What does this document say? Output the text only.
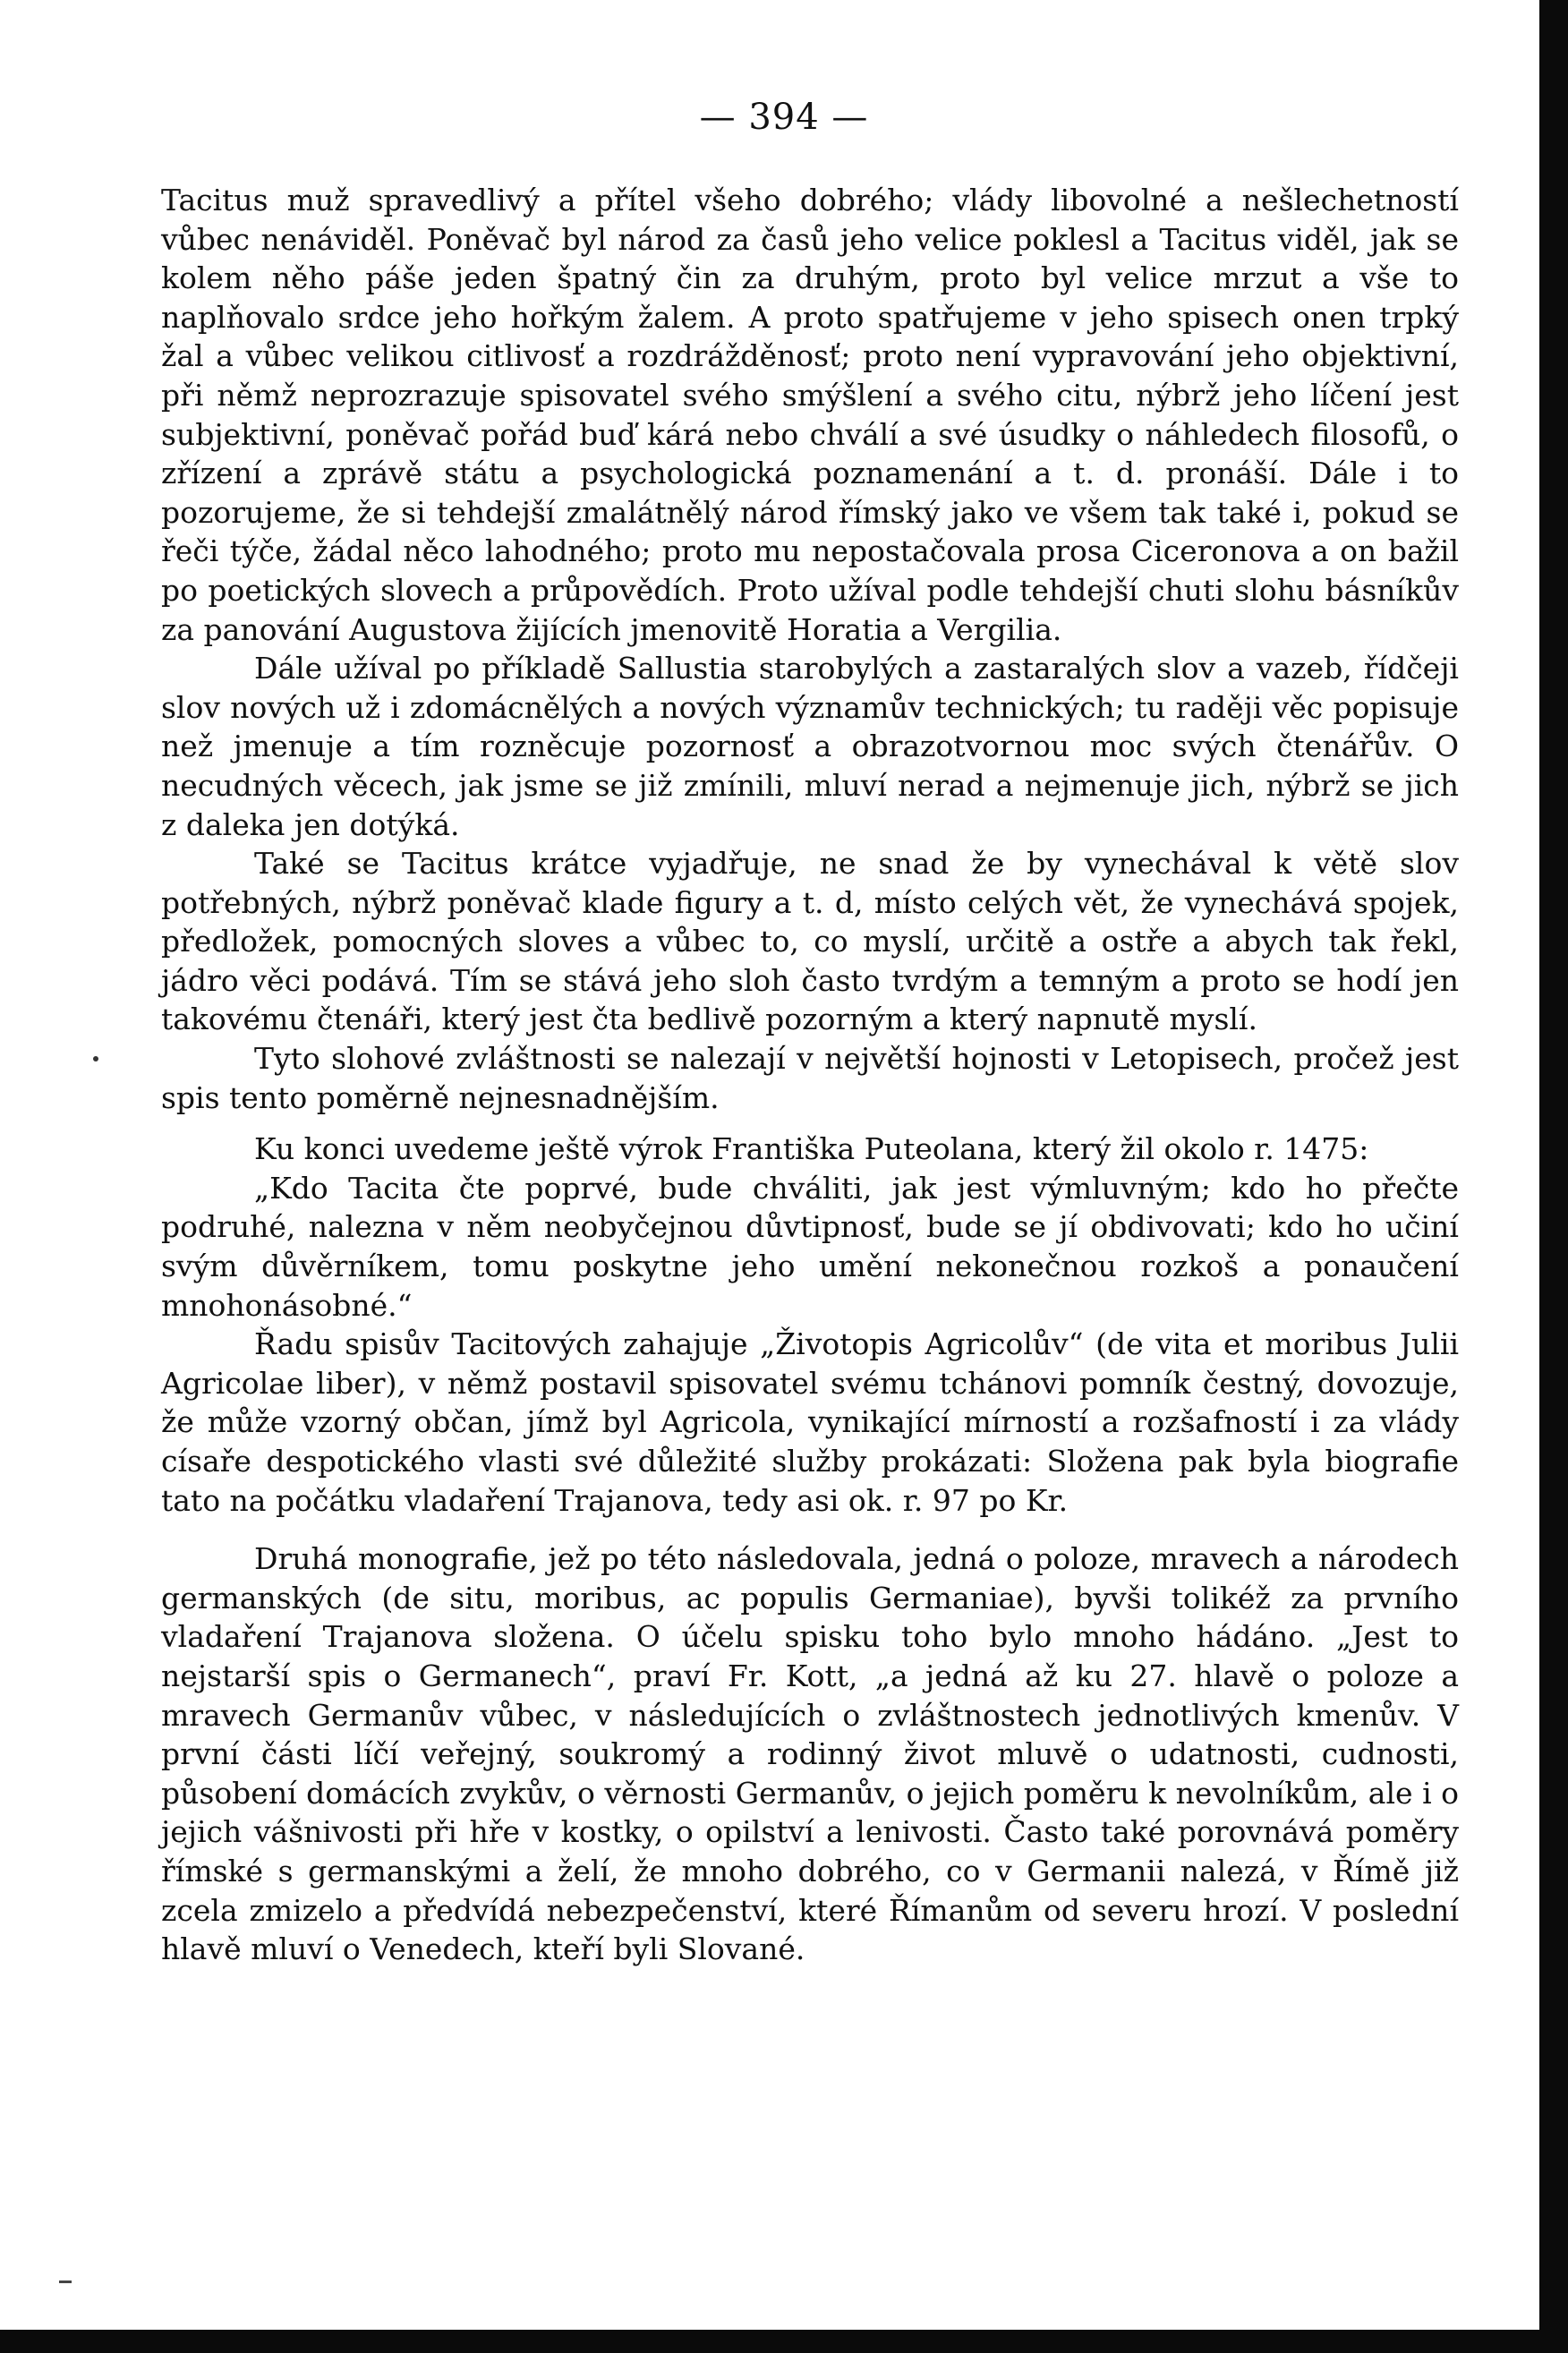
— 394 —

Tacitus muž spravedlivý a přítel všeho dobrého; vlády libovolné a nešlechetností vůbec nenáviděl. Poněvač byl národ za časů jeho velice poklesl a Tacitus viděl, jak se kolem něho páše jeden špatný čin za druhým, proto byl velice mrzut a vše to naplňovalo srdce jeho hořkým žalem. A proto spatřujeme v jeho spisech onen trpký žal a vůbec velikou citlivosť a rozdrážděnosť; proto není vypravování jeho objektivní, při němž neprozrazuje spisovatel svého smýšlení a svého citu, nýbrž jeho líčení jest subjektivní, poněvač pořád buď kárá nebo chválí a své úsudky o náhledech filosofů, o zřízení a zprávě státu a psychologická poznamenání a t. d. pronáší. Dále i to pozorujeme, že si tehdejší zmalátnělý národ římský jako ve všem tak také i, pokud se řeči týče, žádal něco lahodného; proto mu nepostačovala prosa Ciceronova a on bažil po poetických slovech a průpovědích. Proto užíval podle tehdejší chuti slohu básníkův za panování Augustova žijících jmenovitě Horatia a Vergilia.

Dále užíval po příkladě Sallustia starobylých a zastaralých slov a vazeb, řídčeji slov nových už i zdomácnělých a nových významův technických; tu raději věc popisuje než jmenuje a tím rozněcuje pozornosť a obrazotvornou moc svých čtenářův. O necudných věcech, jak jsme se již zmínili, mluví nerad a nejmenuje jich, nýbrž se jich z daleka jen dotýká.

Také se Tacitus krátce vyjadřuje, ne snad že by vynechával k větě slov potřebných, nýbrž poněvač klade figury a t. d, místo celých vět, že vynechává spojek, předložek, pomocných sloves a vůbec to, co myslí, určitě a ostře a abych tak řekl, jádro věci podává. Tím se stává jeho sloh často tvrdým a temným a proto se hodí jen takovému čtenáři, který jest čta bedlivě pozorným a který napnutě myslí.

Tyto slohové zvláštnosti se nalezají v největší hojnosti v Letopisech, pročež jest spis tento poměrně nejnesnadnějším.

Ku konci uvedeme ještě výrok Františka Puteolana, který žil okolo r. 1475:

„Kdo Tacita čte poprvé, bude chváliti, jak jest výmluvným; kdo ho přečte podruhé, nalezna v něm neobyčejnou důvtipnosť, bude se jí obdivovati; kdo ho učiní svým důvěrníkem, tomu poskytne jeho umění nekonečnou rozkoš a ponaučení mnohonásobné.“

Řadu spisův Tacitových zahajuje „Životopis Agricolův“ (de vita et moribus Julii Agricolae liber), v němž postavil spisovatel svému tchánovi pomník čestný, dovozuje, že může vzorný občan, jímž byl Agricola, vynikající mírností a rozšafností i za vlády císaře despotického vlasti své důležité služby prokázati: Složena pak byla biografie tato na počátku vladaření Trajanova, tedy asi ok. r. 97 po Kr.

Druhá monografie, jež po této následovala, jedná o poloze, mravech a národech germanských (de situ, moribus, ac populis Germaniae), byvši tolikéž za prvního vladaření Trajanova složena. O účelu spisku toho bylo mnoho hádáno. „Jest to nejstarší spis o Germanech“, praví Fr. Kott, „a jedná až ku 27. hlavě o poloze a mravech Germanův vůbec, v následujících o zvláštnostech jednotlivých kmenův. V první části líčí veřejný, soukromý a rodinný život mluvě o udatnosti, cudnosti, působení domácích zvykův, o věrnosti Germanův, o jejich poměru k nevolníkům, ale i o jejich vášnivosti při hře v kostky, o opilství a lenivosti. Často také porovnává poměry římské s germanskými a želí, že mnoho dobrého, co v Germanii nalezá, v Římě již zcela zmizelo a předvídá nebezpečenství, které Římanům od severu hrozí. V poslední hlavě mluví o Venedech, kteří byli Slované.
